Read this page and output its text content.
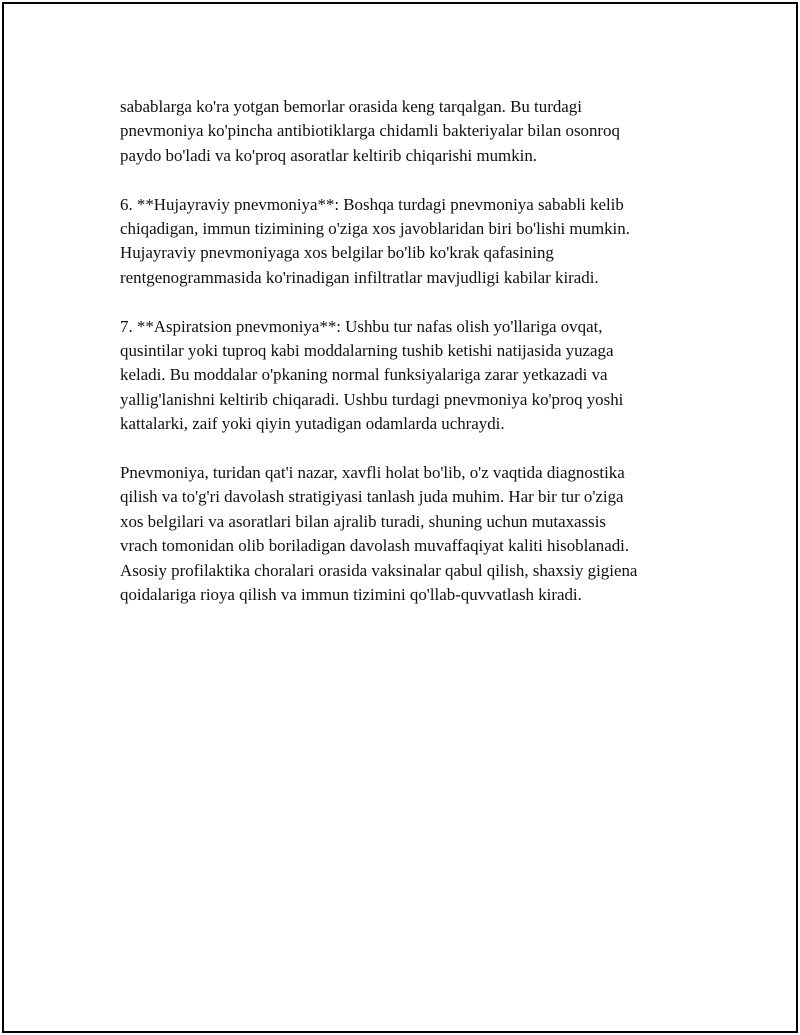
sabablarga ko'ra yotgan bemorlar orasida keng tarqalgan. Bu turdagi
pnevmoniya ko'pincha antibiotiklarga chidamli bakteriyalar bilan osonroq
paydo bo'ladi va ko'proq asoratlar keltirib chiqarishi mumkin.

6. **Hujayraviy pnevmoniya**: Boshqa turdagi pnevmoniya sababli kelib
chiqadigan, immun tizimining o'ziga xos javoblaridan biri bo'lishi mumkin.
Hujayraviy pnevmoniyaga xos belgilar bo'lib ko'krak qafasining
rentgenogrammasida ko'rinadigan infiltratlar mavjudligi kabilar kiradi.

7. **Aspiratsion pnevmoniya**: Ushbu tur nafas olish yo'llariga ovqat,
qusintilar yoki tuproq kabi moddalarning tushib ketishi natijasida yuzaga
keladi. Bu moddalar o'pkaning normal funksiyalariga zarar yetkazadi va
yallig'lanishni keltirib chiqaradi. Ushbu turdagi pnevmoniya ko'proq yoshi
kattalarki, zaif yoki qiyin yutadigan odamlarda uchraydi.

Pnevmoniya, turidan qat'i nazar, xavfli holat bo'lib, o'z vaqtida diagnostika
qilish va to'g'ri davolash stratigiyasi tanlash juda muhim. Har bir tur o'ziga
xos belgilari va asoratlari bilan ajralib turadi, shuning uchun mutaxassis
vrach tomonidan olib boriladigan davolash muvaffaqiyat kaliti hisoblanadi.
Asosiy profilaktika choralari orasida vaksinalar qabul qilish, shaxsiy gigiena
qoidalariga rioya qilish va immun tizimini qo'llab-quvvatlash kiradi.
